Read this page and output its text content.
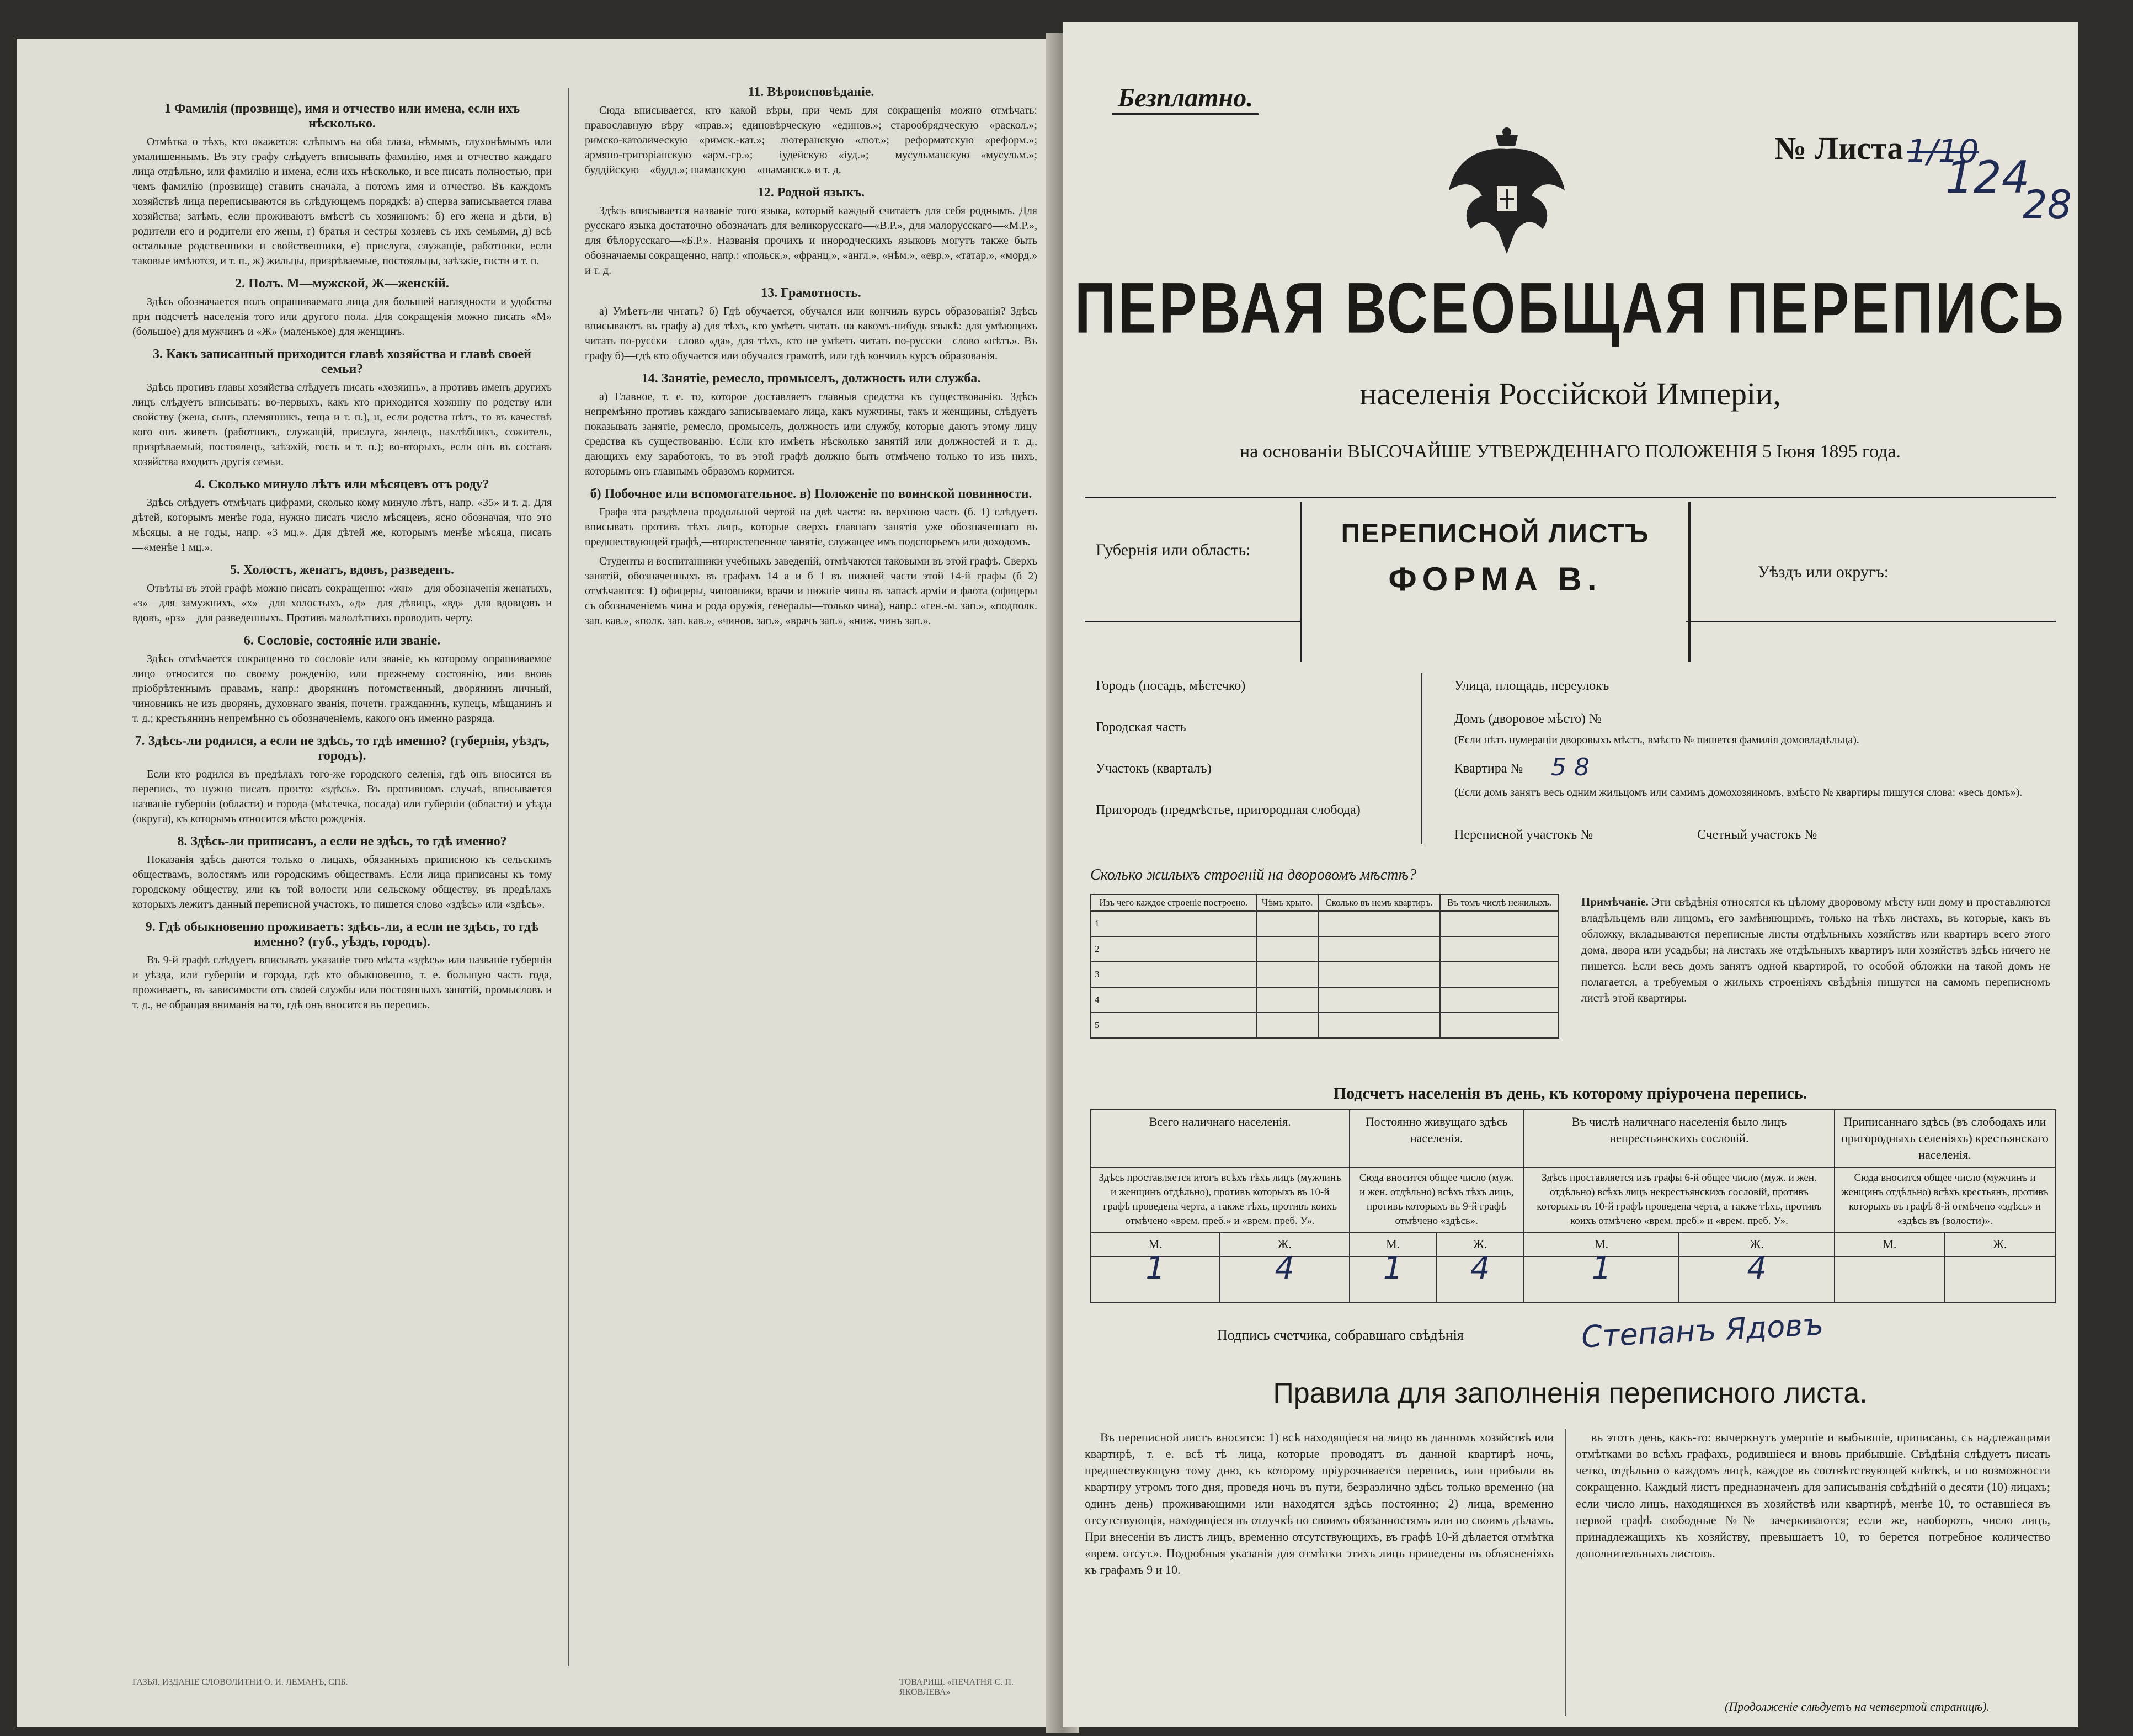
1 Фамилія (прозвище), имя и отчество или имена, если ихъ нѣсколько.

Отмѣтка о тѣхъ, кто окажется: слѣпымъ на оба глаза, нѣмымъ, глухонѣмымъ или умалишеннымъ. Въ эту графу слѣдуетъ вписывать фамилію, имя и отчество каждаго лица отдѣльно, или фамилію и имена, если ихъ нѣсколько, и все писать полностью, при чемъ фамилію (прозвище) ставить сначала, а потомъ имя и отчество. Въ каждомъ хозяйствѣ лица переписываются въ слѣдующемъ порядкѣ: а) сперва записывается глава хозяйства; затѣмъ, если проживаютъ вмѣстѣ съ хозяиномъ: б) его жена и дѣти, в) родители его и родители его жены, г) братья и сестры хозяевъ съ ихъ семьями, д) всѣ остальные родственники и свойственники, е) прислуга, служащіе, работники, если таковые имѣются, и т. п., ж) жильцы, призрѣваемые, постояльцы, заѣзжіе, гости и т. п.

2. Полъ. М—мужской, Ж—женскій.

Здѣсь обозначается полъ опрашиваемаго лица для большей наглядности и удобства при подсчетѣ населенія того или другого пола. Для сокращенія можно писать «М» (большое) для мужчинъ и «Ж» (маленькое) для женщинъ.

3. Какъ записанный приходится главѣ хозяйства и главѣ своей семьи?

Здѣсь противъ главы хозяйства слѣдуетъ писать «хозяинъ», а противъ именъ другихъ лицъ слѣдуетъ вписывать: во-первыхъ, какъ кто приходится хозяину по родству или свойству (жена, сынъ, племянникъ, теща и т. п.), и, если родства нѣтъ, то въ качествѣ кого онъ живетъ (работникъ, служащій, прислуга, жилецъ, нахлѣбникъ, сожитель, призрѣваемый, постоялецъ, заѣзжій, гость и т. п.); во-вторыхъ, если онъ въ составъ хозяйства входитъ другія семьи.

4. Сколько минуло лѣтъ или мѣсяцевъ отъ роду?

Здѣсь слѣдуетъ отмѣчать цифрами, сколько кому минуло лѣтъ, напр. «35» и т. д. Для дѣтей, которымъ менѣе года, нужно писать число мѣсяцевъ, ясно обозначая, что это мѣсяцы, а не годы, напр. «3 мц.». Для дѣтей же, которымъ менѣе мѣсяца, писать—«менѣе 1 мц.».

5. Холостъ, женатъ, вдовъ, разведенъ.

Отвѣты въ этой графѣ можно писать сокращенно: «жн»—для обозначенія женатыхъ, «з»—для замужнихъ, «х»—для холостыхъ, «д»—для дѣвицъ, «вд»—для вдовцовъ и вдовъ, «рз»—для разведенныхъ. Противъ малолѣтнихъ проводить черту.

6. Сословіе, состояніе или званіе.

Здѣсь отмѣчается сокращенно то сословіе или званіе, къ которому опрашиваемое лицо относится по своему рожденію, или прежнему состоянію, или вновь пріобрѣтеннымъ правамъ, напр.: дворянинъ потомственный, дворянинъ личный, чиновникъ не изъ дворянъ, духовнаго званія, почетн. гражданинъ, купецъ, мѣщанинъ и т. д.; крестьянинъ непремѣнно съ обозначеніемъ, какого онъ именно разряда.

7. Здѣсь-ли родился, а если не здѣсь, то гдѣ именно? (губернія, уѣздъ, городъ).

Если кто родился въ предѣлахъ того-же городского селенія, гдѣ онъ вносится въ перепись, то нужно писать просто: «здѣсь». Въ противномъ случаѣ, вписывается названіе губерніи (области) и города (мѣстечка, посада) или губерніи (области) и уѣзда (округа), къ которымъ относится мѣсто рожденія.

8. Здѣсь-ли приписанъ, а если не здѣсь, то гдѣ именно?

Показанія здѣсь даются только о лицахъ, обязанныхъ приписною къ сельскимъ обществамъ, волостямъ или городскимъ обществамъ. Если лица приписаны къ тому городскому обществу, или къ той волости или сельскому обществу, въ предѣлахъ которыхъ лежитъ данный переписной участокъ, то пишется слово «здѣсь» или «здѣсь».

9. Гдѣ обыкновенно проживаетъ: здѣсь-ли, а если не здѣсь, то гдѣ именно? (губ., уѣздъ, городъ).

Въ 9-й графѣ слѣдуетъ вписывать указаніе того мѣста «здѣсь» или названіе губерніи и уѣзда, или губерніи и города, гдѣ кто обыкновенно, т. е. большую часть года, проживаетъ, въ зависимости отъ своей службы или постоянныхъ занятій, промысловъ и т. д., не обращая вниманія на то, гдѣ онъ вносится въ перепись.

ГАЗЬЯ. ИЗДАНІЕ СЛОВОЛИТНИ О. И. ЛЕМАНЪ, СПБ.
11. Вѣроисповѣданіе.

Сюда вписывается, кто какой вѣры, при чемъ для сокращенія можно отмѣчать: православную вѣру—«прав.»; единовѣрческую—«единов.»; старообрядческую—«раскол.»; римско-католическую—«римск.-кат.»; лютеранскую—«лют.»; реформатскую—«реформ.»; армяно-григоріанскую—«арм.-гр.»; іудейскую—«іуд.»; мусульманскую—«мусульм.»; буддійскую—«будд.»; шаманскую—«шаманск.» и т. д.

12. Родной языкъ.

Здѣсь вписывается названіе того языка, который каждый считаетъ для себя роднымъ. Для русскаго языка достаточно обозначать для великорусскаго—«В.Р.», для малорусскаго—«М.Р.», для бѣлорусскаго—«Б.Р.». Названія прочихъ и инородческихъ языковъ могутъ также быть обозначаемы сокращенно, напр.: «польск.», «франц.», «англ.», «нѣм.», «евр.», «татар.», «морд.» и т. д.

13. Грамотность.

а) Умѣетъ-ли читать? б) Гдѣ обучается, обучался или кончилъ курсъ образованія? Здѣсь вписываютъ въ графу а) для тѣхъ, кто умѣетъ читать на какомъ-нибудь языкѣ: для умѣющихъ читать по-русски—слово «да», для тѣхъ, кто не умѣетъ читать по-русски—слово «нѣтъ». Въ графу б)—гдѣ кто обучается или обучался грамотѣ, или гдѣ кончилъ курсъ образованія.

14. Занятіе, ремесло, промыселъ, должность или служба.

а) Главное, т. е. то, которое доставляетъ главныя средства къ существованію. Здѣсь непремѣнно противъ каждаго записываемаго лица, какъ мужчины, такъ и женщины, слѣдуетъ показывать занятіе, ремесло, промыселъ, должность или службу, которые даютъ этому лицу средства къ существованію. Если кто имѣетъ нѣсколько занятій или должностей и т. д., дающихъ ему заработокъ, то въ этой графѣ должно быть отмѣчено только то изъ нихъ, которымъ онъ главнымъ образомъ кормится.

б) Побочное или вспомогательное. в) Положеніе по воинской повинности.

Графа эта раздѣлена продольной чертой на двѣ части: въ верхнюю часть (б. 1) слѣдуетъ вписывать противъ тѣхъ лицъ, которые сверхъ главнаго занятія уже обозначеннаго въ предшествующей графѣ,—второстепенное занятіе, служащее имъ подспорьемъ или доходомъ.

Студенты и воспитанники учебныхъ заведеній, отмѣчаются таковыми въ этой графѣ. Сверхъ занятій, обозначенныхъ въ графахъ 14 а и б 1 въ нижней части этой 14-й графы (б 2) отмѣчаются: 1) офицеры, чиновники, врачи и нижніе чины въ запасѣ арміи и флота (офицеры съ обозначеніемъ чина и рода оружія, генералы—только чина), напр.: «ген.-м. зап.», «подполк. зап. кав.», «полк. зап. кав.», «чинов. зап.», «врачъ зап.», «ниж. чинъ зап.».

ТОВАРИЩ. «ПЕЧАТНЯ С. П. ЯКОВЛЕВА»
Безплатно.
№ Листа 1/10
124
28
ПЕРВАЯ ВСЕОБЩАЯ ПЕРЕПИСЬ
населенія Россійской Имперіи,
на основаніи ВЫСОЧАЙШЕ УТВЕРЖДЕННАГО ПОЛОЖЕНІЯ 5 Іюня 1895 года.
Губернія или область:
ПЕРЕПИСНОЙ ЛИСТЪ
ФОРМА В.	Уѣздъ или округъ:
Городъ (посадъ, мѣстечко)
Городская часть
Участокъ (кварталъ)
Пригородъ (предмѣстье, пригородная слобода)
Улица, площадь, переулокъ
Домъ (дворовое мѣсто) №
(Если нѣтъ нумераціи дворовыхъ мѣстъ, вмѣсто № пишется фамилія домовладѣльца).
Квартира № 5 8
(Если домъ занятъ весь одним жильцомъ или самимъ домохозяиномъ, вмѣсто № квартиры пишутся слова: «весь домъ»).
Переписной участокъ №	Счетный участокъ №
Сколько жилыхъ строеній на дворовомъ мѣстѣ?
Изъ чего каждое строеніе построено.	Чѣмъ крыто.	Сколько въ немъ квартиръ.	Въ томъ числѣ нежилыхъ.
1			
2			
3			
4			
5			
Примѣчаніе. Эти свѣдѣнія относятся къ цѣлому дворовому мѣсту или дому и проставляются владѣльцемъ или лицомъ, его замѣняющимъ, только на тѣхъ листахъ, въ которые, какъ въ обложку, вкладываются переписные листы отдѣльныхъ хозяйствъ или квартиръ всего этого дома, двора или усадьбы; на листахъ же отдѣльныхъ квартиръ или хозяйствъ здѣсь ничего не пишется. Если весь домъ занятъ одной квартирой, то особой обложки на такой домъ не полагается, а требуемыя о жилыхъ строеніяхъ свѣдѣнія пишутся на самомъ переписномъ листѣ этой квартиры.
Подсчетъ населенія въ день, къ которому пріурочена перепись.
Всего наличнаго населенія.		Постоянно живущаго здѣсь населенія.		Въ числѣ наличнаго населенія было лицъ непрестьянскихъ сословій.		Приписаннаго здѣсь (въ слободахъ или пригородныхъ селеніяхъ) крестьянскаго населенія.	
Здѣсь проставляется итогъ всѣхъ тѣхъ лицъ (мужчинъ и женщинъ отдѣльно), противъ которыхъ въ 10-й графѣ проведена черта, а также тѣхъ, противъ коихъ отмѣчено «врем. преб.» и «врем. преб. У».		Сюда вносится общее число (муж. и жен. отдѣльно) всѣхъ тѣхъ лицъ, противъ которыхъ въ 9-й графѣ отмѣчено «здѣсь».		Здѣсь проставляется изъ графы 6-й общее число (муж. и жен. отдѣльно) всѣхъ лицъ некрестьянскихъ сословій, противъ которыхъ въ 10-й графѣ проведена черта, а также тѣхъ, противъ коихъ отмѣчено «врем. преб.» и «врем. преб. У».		Сюда вносится общее число (мужчинъ и женщинъ отдѣльно) всѣхъ крестьянъ, противъ которыхъ въ графѣ 8-й отмѣчено «здѣсь» и «здѣсь въ (волости)».	
М.	Ж.	М.	Ж.	М.	Ж.	М.	Ж.
1	4	1	4	1	4		
Подпись счетчика, собравшаго свѣдѣнія	Степанъ Ядовъ
Правила для заполненія переписного листа.

Въ переписной листъ вносятся: 1) всѣ находящіеся на лицо въ данномъ хозяйствѣ или квартирѣ, т. е. всѣ тѣ лица, которые проводятъ въ данной квартирѣ ночь, предшествующую тому дню, къ которому пріурочивается перепись, или прибыли въ квартиру утромъ того дня, проведя ночь въ пути, безразлично здѣсь только временно (на одинъ день) проживающими или находятся здѣсь постоянно; 2) лица, временно отсутствующія, находящіеся въ отлучкѣ по своимъ обязанностямъ или по своимъ дѣламъ. При внесеніи въ листъ лицъ, временно отсутствующихъ, въ графѣ 10-й дѣлается отмѣтка «врем. отсут.». Подробныя указанія для отмѣтки этихъ лицъ приведены въ объясненіяхъ къ графамъ 9 и 10.

въ этотъ день, какъ-то: вычеркнутъ умершіе и выбывшіе, приписаны, съ надлежащими отмѣтками во всѣхъ графахъ, родившіеся и вновь прибывшіе. Свѣдѣнія слѣдуетъ писать четко, отдѣльно о каждомъ лицѣ, каждое въ соотвѣтствующей клѣткѣ, и по возможности сокращенно. Каждый листъ предназначенъ для записыванія свѣдѣній о десяти (10) лицахъ; если число лицъ, находящихся въ хозяйствѣ или квартирѣ, менѣе 10, то оставшіеся въ первой графѣ свободные №№ зачеркиваются; если же, наоборотъ, число лицъ, принадлежащихъ къ хозяйству, превышаетъ 10, то берется потребное количество дополнительныхъ листовъ.

(Продолженіе слѣдуетъ на четвертой страницѣ).
